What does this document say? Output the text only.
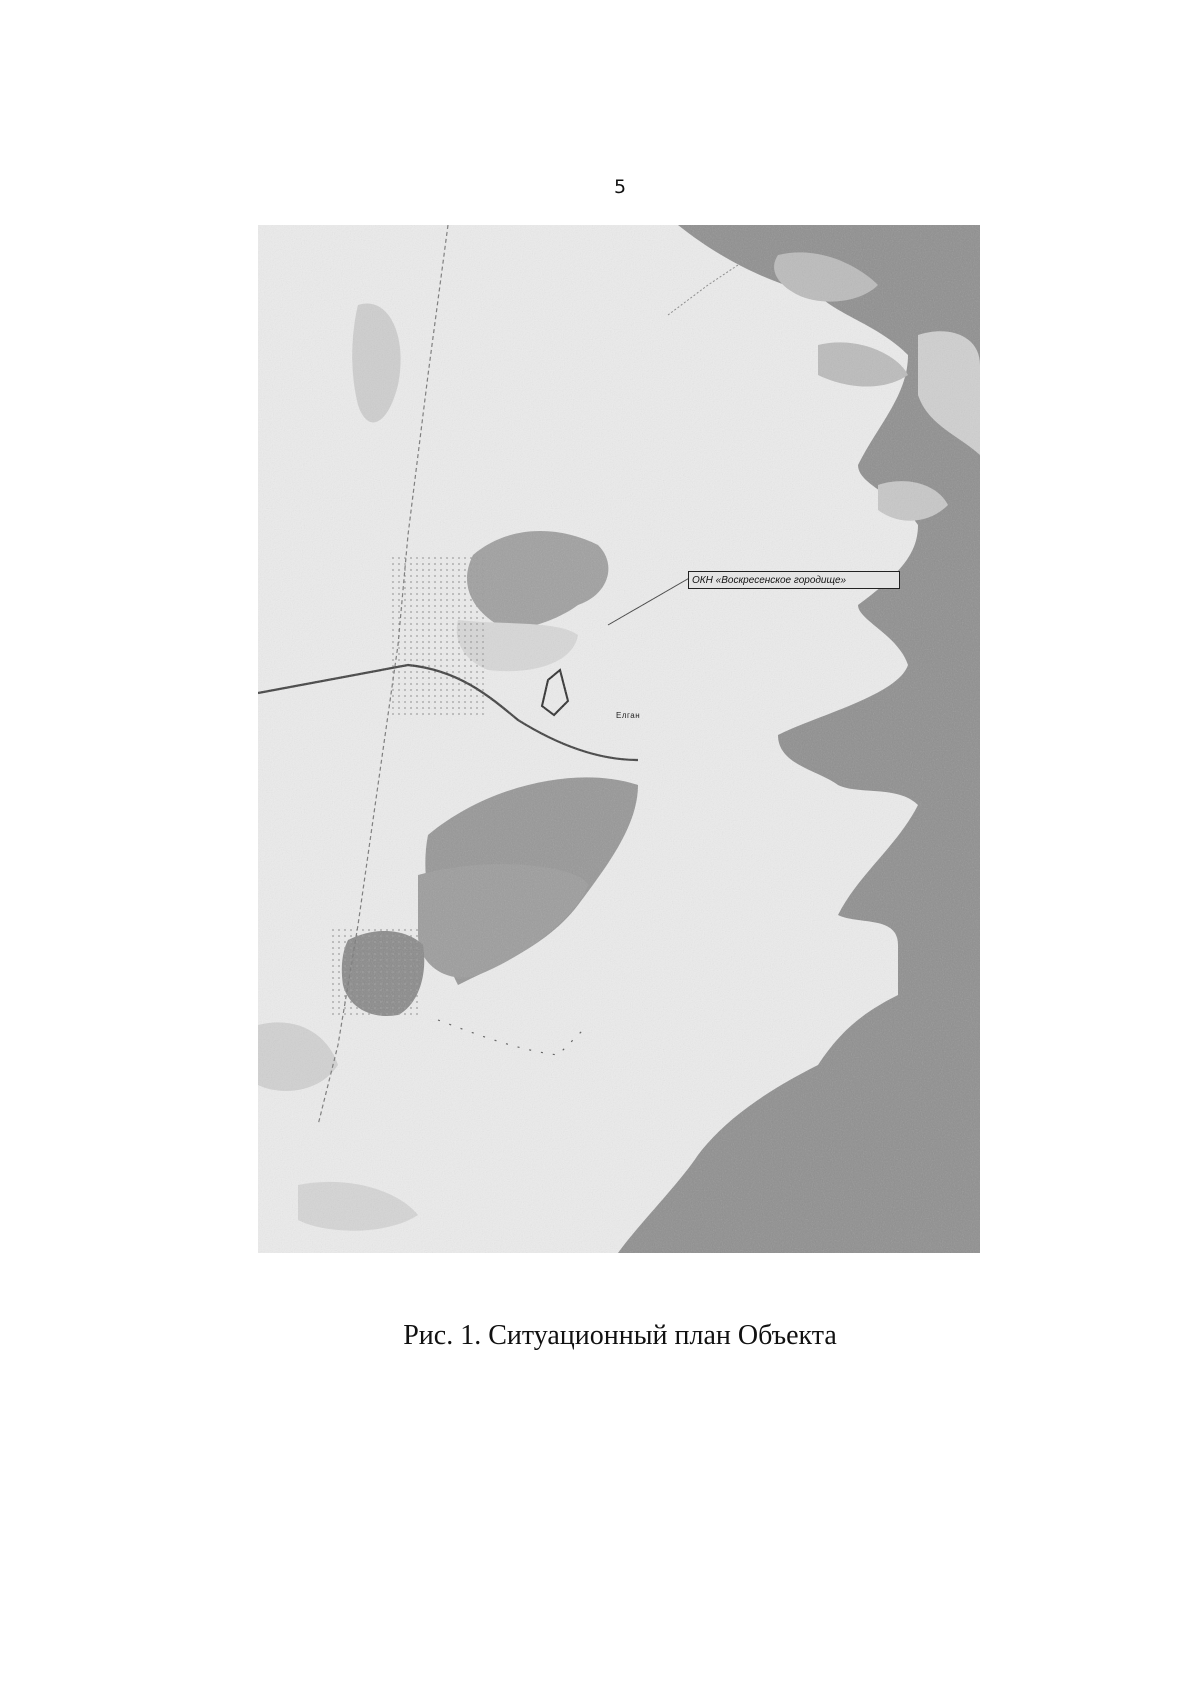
5
ОКН «Воскресенское городище»
Елган
Рис. 1. Ситуационный план Объекта
